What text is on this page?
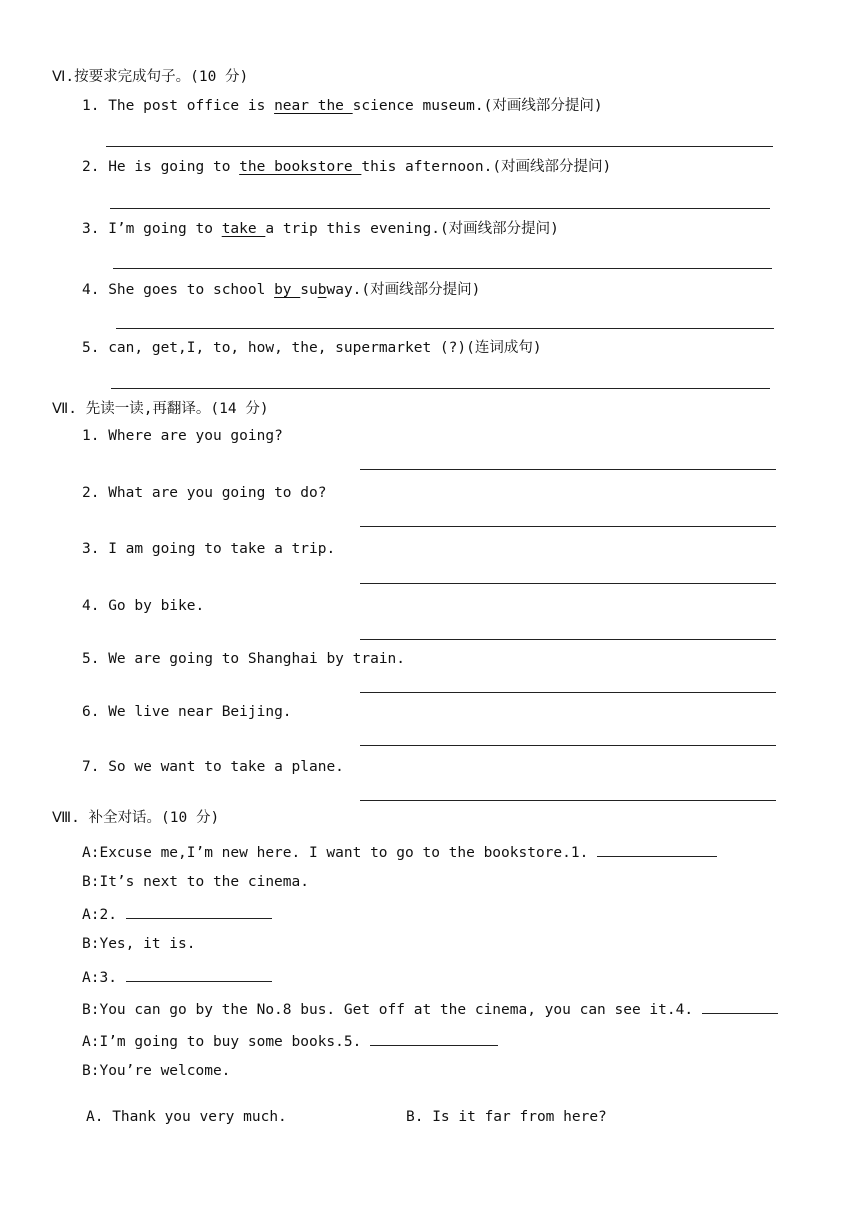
Ⅵ.按要求完成句子。(10 分)
1. The post office is near the science museum.(对画线部分提问)
2. He is going to the bookstore this afternoon.(对画线部分提问)
3. I’m going to take a trip this evening.(对画线部分提问)
4. She goes to school by subway.(对画线部分提问)
5. can, get,I, to, how, the, supermarket (?)(连词成句)
Ⅶ. 先读一读,再翻译。(14 分)
1. Where are you going?
2. What are you going to do?
3. I am going to take a trip.
4. Go by bike.
5. We are going to Shanghai by train.
6. We live near Beijing.
7. So we want to take a plane.
Ⅷ. 补全对话。(10 分)
A:Excuse me,I’m new here. I want to go to the bookstore.1.
B:It’s next to the cinema.
A:2.
B:Yes, it is.
A:3.
B:You can go by the No.8 bus. Get off at the cinema, you can see it.4.
A:I’m going to buy some books.5.
B:You’re welcome.
A. Thank you very much.	B. Is it far from here?
